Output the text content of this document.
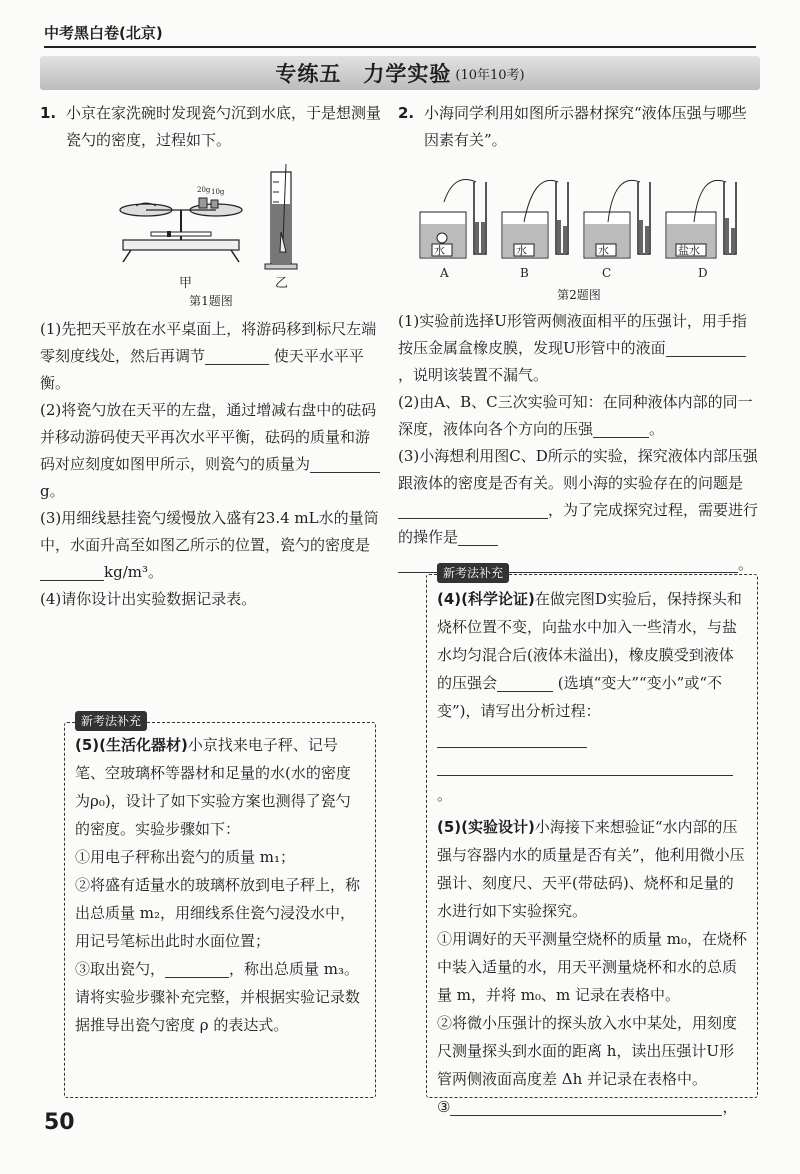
中考黑白卷(北京)
专练五　力学实验 (10年10考)
1. 小京在家洗碗时发现瓷勺沉到水底，于是想测量瓷勺的密度，过程如下。

20g 10g
甲	乙
第1题图

(1)先把天平放在水平桌面上，将游码移到标尺左端零刻度线处，然后再调节	使天平水平平衡。

(2)将瓷勺放在天平的左盘，通过增减右盘中的砝码并移动游码使天平再次水平平衡，砝码的质量和游码对应刻度如图甲所示，则瓷勺的质量为g。

(3)用细线悬挂瓷勺缓慢放入盛有23.4 mL水的量筒中，水面升高至如图乙所示的位置，瓷勺的密度是kg/m³。

(4)请你设计出实验数据记录表。

新考法补充

(5)(生活化器材)小京找来电子秤、记号笔、空玻璃杯等器材和足量的水(水的密度为ρ₀)，设计了如下实验方案也测得了瓷勺的密度。实验步骤如下：

①用电子秤称出瓷勺的质量 m₁；

②将盛有适量水的玻璃杯放到电子秤上，称出总质量 m₂，用细线系住瓷勺浸没水中，用记号笔标出此时水面位置；

③取出瓷勺，	，称出总质量 m₃。

请将实验步骤补充完整，并根据实验记录数据推导出瓷勺密度 ρ 的表达式。

2. 小海同学利用如图所示器材探究“液体压强与哪些因素有关”。

水
A
水
B
水
C
盐水
D
第2题图

(1)实验前选择U形管两侧液面相平的压强计，用手指按压金属盒橡皮膜，发现U形管中的液面，说明该装置不漏气。

(2)由A、B、C三次实验可知：在同种液体内部的同一深度，液体向各个方向的压强	。

(3)小海想利用图C、D所示的实验，探究液体内部压强跟液体的密度是否有关。则小海的实验存在的问题是，为了完成探究过程，需要进行的操作是
。

新考法补充

(4)(科学论证)在做完图D实验后，保持探头和烧杯位置不变，向盐水中加入一些清水，与盐水均匀混合后(液体未溢出)，橡皮膜受到液体的压强会	(选填“变大”“变小”或“不变”)，请写出分析过程：
。

(5)(实验设计)小海接下来想验证“水内部的压强与容器内水的质量是否有关”，他利用微小压强计、刻度尺、天平(带砝码)、烧杯和足量的水进行如下实验探究。

①用调好的天平测量空烧杯的质量 m₀，在烧杯中装入适量的水，用天平测量烧杯和水的总质量 m，并将 m₀、m 记录在表格中。

②将微小压强计的探头放入水中某处，用刻度尺测量探头到水面的距离 h，读出压强计U形管两侧液面高度差 Δh 并记录在表格中。

③	，

50
